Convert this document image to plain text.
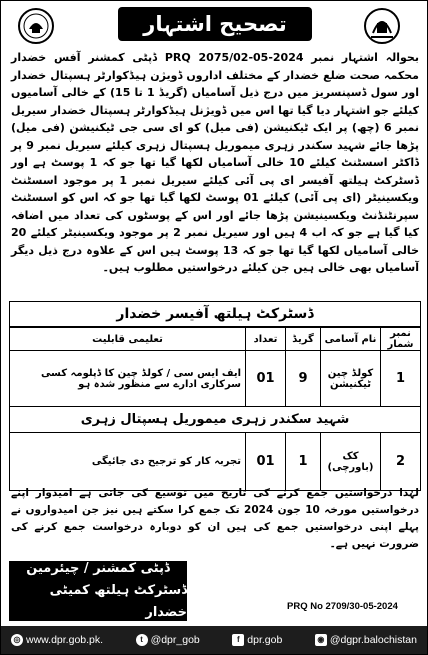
تصحیح اشتہار
بحوالہ اشتہار نمبر PRQ 2075/02-05-2024 ڈپٹی کمشنر آفس خضدار محکمہ صحت ضلع خضدار کے مختلف اداروں ڈویژن ہیڈکوارٹر ہسپتال خضدار اور سول ڈسپنسریز میں درج ذیل آسامیاں (گریڈ 1 تا 15) کے خالی آسامیوں کیلئے جو اشتہار دیا گیا تھا اس میں ڈویژنل ہیڈکوارٹر ہسپتال خضدار سیریل نمبر 6 (چھ) پر ایک ٹیکنیشن (فی میل) کو ای سی جی ٹیکنیشن (فی میل) پڑھا جائے شہید سکندر زہری میموریل ہسپتال زہری کیلئے سیریل نمبر 9 پر ڈاکٹر اسسٹنٹ کیلئے 10 خالی آسامیاں لکھا گیا تھا جو کہ 1 پوسٹ ہے اور ڈسٹرکٹ ہیلتھ آفیسر ای پی آئی کیلئے سیریل نمبر 1 پر موجود اسسٹنٹ ویکسینیٹر (ای پی آئی) کیلئے 01 پوسٹ لکھا گیا تھا جو کہ اس کو اسسٹنٹ سپرنٹنڈنٹ ویکسینیشن پڑھا جائے اور اس کے پوسٹوں کی تعداد میں اضافہ کیا گیا ہے جو کہ اب 4 ہیں اور سیریل نمبر 2 پر موجود ویکسینیٹر کیلئے 20 خالی آسامیاں لکھا گیا تھا جو کہ 13 پوسٹ ہیں اس کے علاوہ درج ذیل دیگر آسامیاں بھی خالی ہیں جن کیلئے درخواستیں مطلوب ہیں۔
ڈسٹرکٹ ہیلتھ آفیسر خضدار
نمبر شمار	نام آسامی	گریڈ	تعداد	تعلیمی قابلیت
1	کولڈ چین ٹیکنیشن	9	01	ایف ایس سی / کولڈ چین کا ڈپلومہ کسی سرکاری ادارے سے منظور شدہ ہو
شہید سکندر زہری میموریل ہسپتال زہری				
2	کک (باورچی)	1	01	تجربہ کار کو ترجیح دی جائیگی
لہٰذا درخواستیں جمع کرنے کی تاریخ میں توسیع کی جاتی ہے امیدوار اپنے درخواستیں مورخہ 10 جون 2024 تک جمع کرا سکتے ہیں نیز جن امیدواروں نے پہلے اپنی درخواستیں جمع کی ہیں ان کو دوبارہ درخواست جمع کرنے کی ضرورت نہیں ہے۔
ڈپٹی کمشنر / چیئرمین
ڈسٹرکٹ ہیلتھ کمیٹی خضدار	PRQ No 2709/30-05-2024
◎ www.dpr.gob.pk.	t @dpr_gob	f dpr.gob	◉ @dgpr.balochistan
